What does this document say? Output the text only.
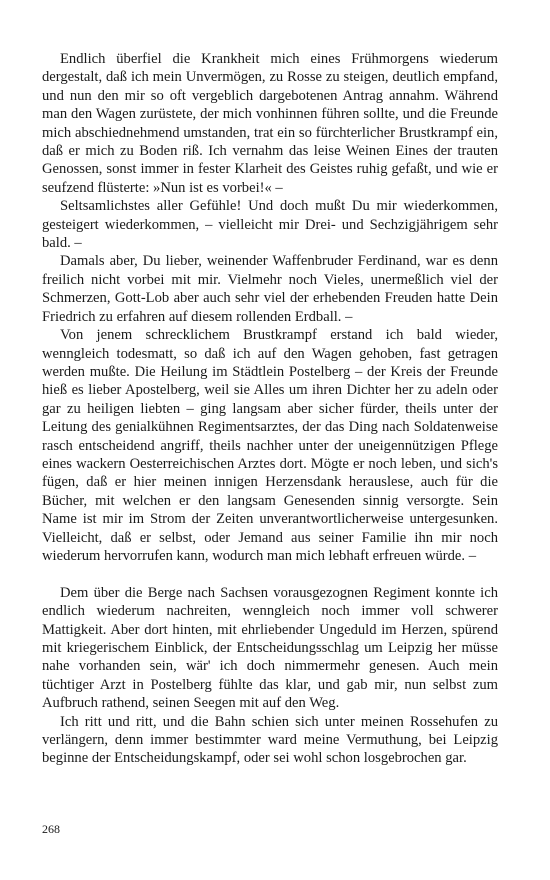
Endlich überfiel die Krankheit mich eines Frühmorgens wiederum dergestalt, daß ich mein Unvermögen, zu Rosse zu steigen, deutlich empfand, und nun den mir so oft vergeblich dargebotenen Antrag annahm. Während man den Wagen zurüstete, der mich vonhinnen führen sollte, und die Freunde mich abschiednehmend umstanden, trat ein so fürchterlicher Brustkrampf ein, daß er mich zu Boden riß. Ich vernahm das leise Weinen Eines der trauten Genossen, sonst immer in fester Klarheit des Geistes ruhig gefaßt, und wie er seufzend flüsterte: »Nun ist es vorbei!« –

Seltsamlichstes aller Gefühle! Und doch mußt Du mir wiederkommen, gesteigert wiederkommen, – vielleicht mir Drei- und Sechzigjährigem sehr bald. –

Damals aber, Du lieber, weinender Waffenbruder Ferdinand, war es denn freilich nicht vorbei mit mir. Vielmehr noch Vieles, unermeßlich viel der Schmerzen, Gott-Lob aber auch sehr viel der erhebenden Freuden hatte Dein Friedrich zu erfahren auf diesem rollenden Erdball. –

Von jenem schrecklichem Brustkrampf erstand ich bald wieder, wenngleich todesmatt, so daß ich auf den Wagen gehoben, fast getragen werden mußte. Die Heilung im Städtlein Postelberg – der Kreis der Freunde hieß es lieber Apostelberg, weil sie Alles um ihren Dichter her zu adeln oder gar zu heiligen liebten – ging langsam aber sicher fürder, theils unter der Leitung des genialkühnen Regimentsarztes, der das Ding nach Soldatenweise rasch entscheidend angriff, theils nachher unter der uneigennützigen Pflege eines wackern Oesterreichischen Arztes dort. Mögte er noch leben, und sich's fügen, daß er hier meinen innigen Herzensdank herauslese, auch für die Bücher, mit welchen er den langsam Genesenden sinnig versorgte. Sein Name ist mir im Strom der Zeiten unverantwortlicherweise untergesunken. Vielleicht, daß er selbst, oder Jemand aus seiner Familie ihn mir noch wiederum hervorrufen kann, wodurch man mich lebhaft erfreuen würde. –

Dem über die Berge nach Sachsen vorausgezognen Regiment konnte ich endlich wiederum nachreiten, wenngleich noch immer voll schwerer Mattigkeit. Aber dort hinten, mit ehrliebender Ungeduld im Herzen, spürend mit kriegerischem Einblick, der Entscheidungsschlag um Leipzig her müsse nahe vorhanden sein, wär' ich doch nimmermehr genesen. Auch mein tüchtiger Arzt in Postelberg fühlte das klar, und gab mir, nun selbst zum Aufbruch rathend, seinen Seegen mit auf den Weg.

Ich ritt und ritt, und die Bahn schien sich unter meinen Rossehufen zu verlängern, denn immer bestimmter ward meine Vermuthung, bei Leipzig beginne der Entscheidungskampf, oder sei wohl schon losgebrochen gar.

268
